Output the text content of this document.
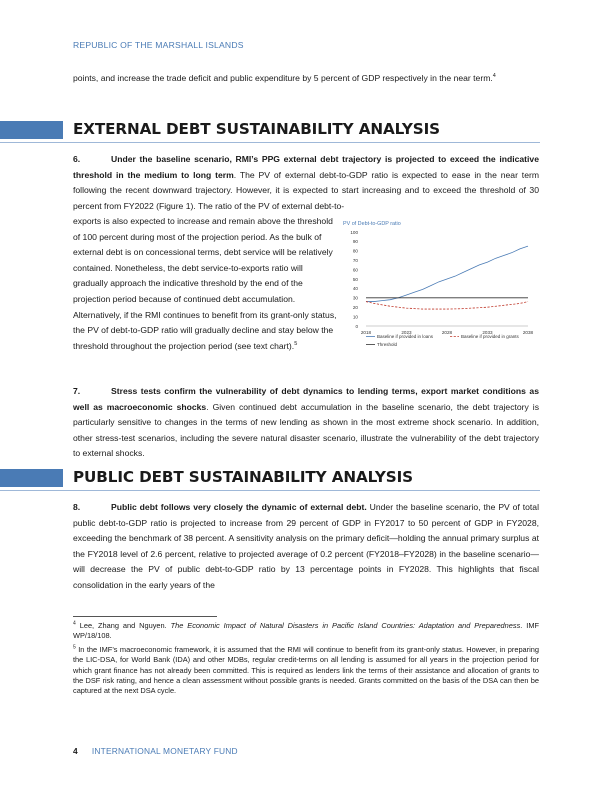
REPUBLIC OF THE MARSHALL ISLANDS

points, and increase the trade deficit and public expenditure by 5 percent of GDP respectively in the near term.$^4$

EXTERNAL DEBT SUSTAINABILITY ANALYSIS

6.	Under the baseline scenario, RMI’s PPG external debt trajectory is projected to exceed the indicative threshold in the medium to long term. The PV of external debt-to-GDP ratio is expected to ease in the near term following the recent downward trajectory. However, it is expected to start increasing and to exceed the threshold of 30 percent from FY2022 (Figure 1). The ratio of the PV of external debt-to-

exports is also expected to increase and remain above the threshold of 100 percent during most of the projection period. As the bulk of external debt is on concessional terms, debt service will be relatively contained. Nonetheless, the debt service-to-exports ratio will gradually approach the indicative threshold by the end of the projection period because of continued debt accumulation. Alternatively, if the RMI continues to benefit from its grant-only status, the PV of debt-to-GDP ratio will gradually decline and stay below the threshold throughout the projection period (see text chart).$^5$

PV of Debt-to-GDP ratio
0
10
20
30
40
50
60
70
80
90
100
2018	2023	2028	2033	2038
Baseline if provided in loans	Baseline if provided in grants
Threshold

7.	Stress tests confirm the vulnerability of debt dynamics to lending terms, export market conditions as well as macroeconomic shocks. Given continued debt accumulation in the baseline scenario, the debt trajectory is particularly sensitive to changes in the terms of new lending as shown in the most extreme shock scenario. In addition, other stress-test scenarios, including the severe natural disaster scenario, illustrate the vulnerability of the debt trajectory to external shocks.

PUBLIC DEBT SUSTAINABILITY ANALYSIS

8.	Public debt follows very closely the dynamic of external debt. Under the baseline scenario, the PV of total public debt-to-GDP ratio is projected to increase from 29 percent of GDP in FY2017 to 50 percent of GDP in FY2028, exceeding the benchmark of 38 percent. A sensitivity analysis on the primary deficit—holding the annual primary surplus at the FY2018 level of 2.6 percent, relative to projected average of 0.2 percent (FY2018–FY2028) in the baseline scenario—will decrease the PV of public debt-to-GDP ratio by 13 percentage points in FY2028. This highlights that fiscal consolidation in the early years of the

$^4$ Lee, Zhang and Nguyen. The Economic Impact of Natural Disasters in Pacific Island Countries: Adaptation and Preparedness. IMF WP/18/108.

$^5$ In the IMF’s macroeconomic framework, it is assumed that the RMI will continue to benefit from its grant-only status. However, in preparing the LIC-DSA, for World Bank (IDA) and other MDBs, regular credit-terms on all lending is assumed for all years in the projection period for which grant finance has not already been committed. This is required as lenders link the terms of their assistance and allocation of grants to the DSF risk rating, and hence a clean assessment without possible grants is needed. Grants committed on the basis of the DSA can then be captured at the next DSA cycle.

4 INTERNATIONAL MONETARY FUND
